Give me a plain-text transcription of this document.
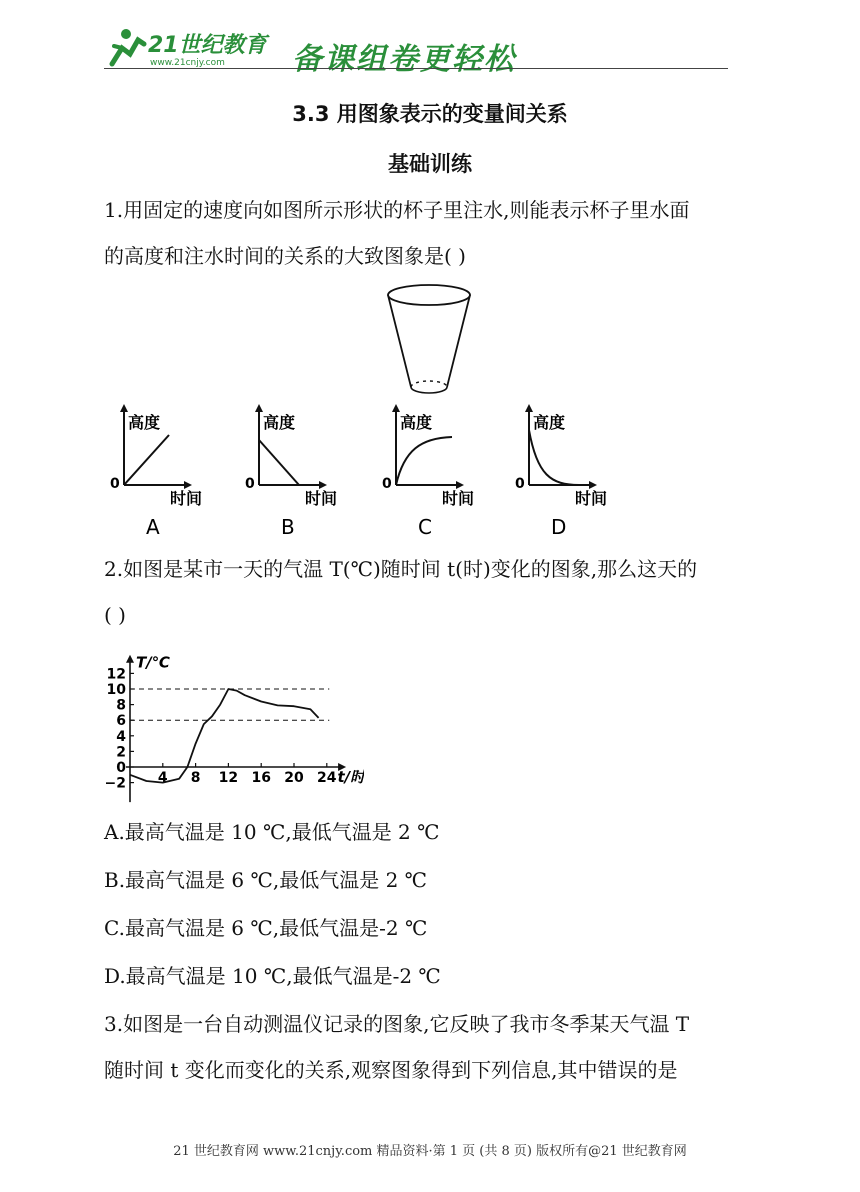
21世纪教育
www.21cnjy.com 备课组卷更轻松
3.3 用图象表示的变量间关系
基础训练
1.用固定的速度向如图所示形状的杯子里注水,则能表示杯子里水面
的高度和注水时间的关系的大致图象是( )
高度
时间
0
A
高度
时间
0
B
高度
时间
0
C
高度
时间
0
D
2.如图是某市一天的气温 T(℃)随时间 t(时)变化的图象,那么这天的
( )
T/℃
t/时
12
10
8
6
4
2
0
−2 4 8 12 16 20 24
A.最高气温是 10 ℃,最低气温是 2 ℃
B.最高气温是 6 ℃,最低气温是 2 ℃
C.最高气温是 6 ℃,最低气温是-2 ℃
D.最高气温是 10 ℃,最低气温是-2 ℃
3.如图是一台自动测温仪记录的图象,它反映了我市冬季某天气温 T
随时间 t 变化而变化的关系,观察图象得到下列信息,其中错误的是
21 世纪教育网 www.21cnjy.com 精品资料·第 1 页 (共 8 页) 版权所有@21 世纪教育网
